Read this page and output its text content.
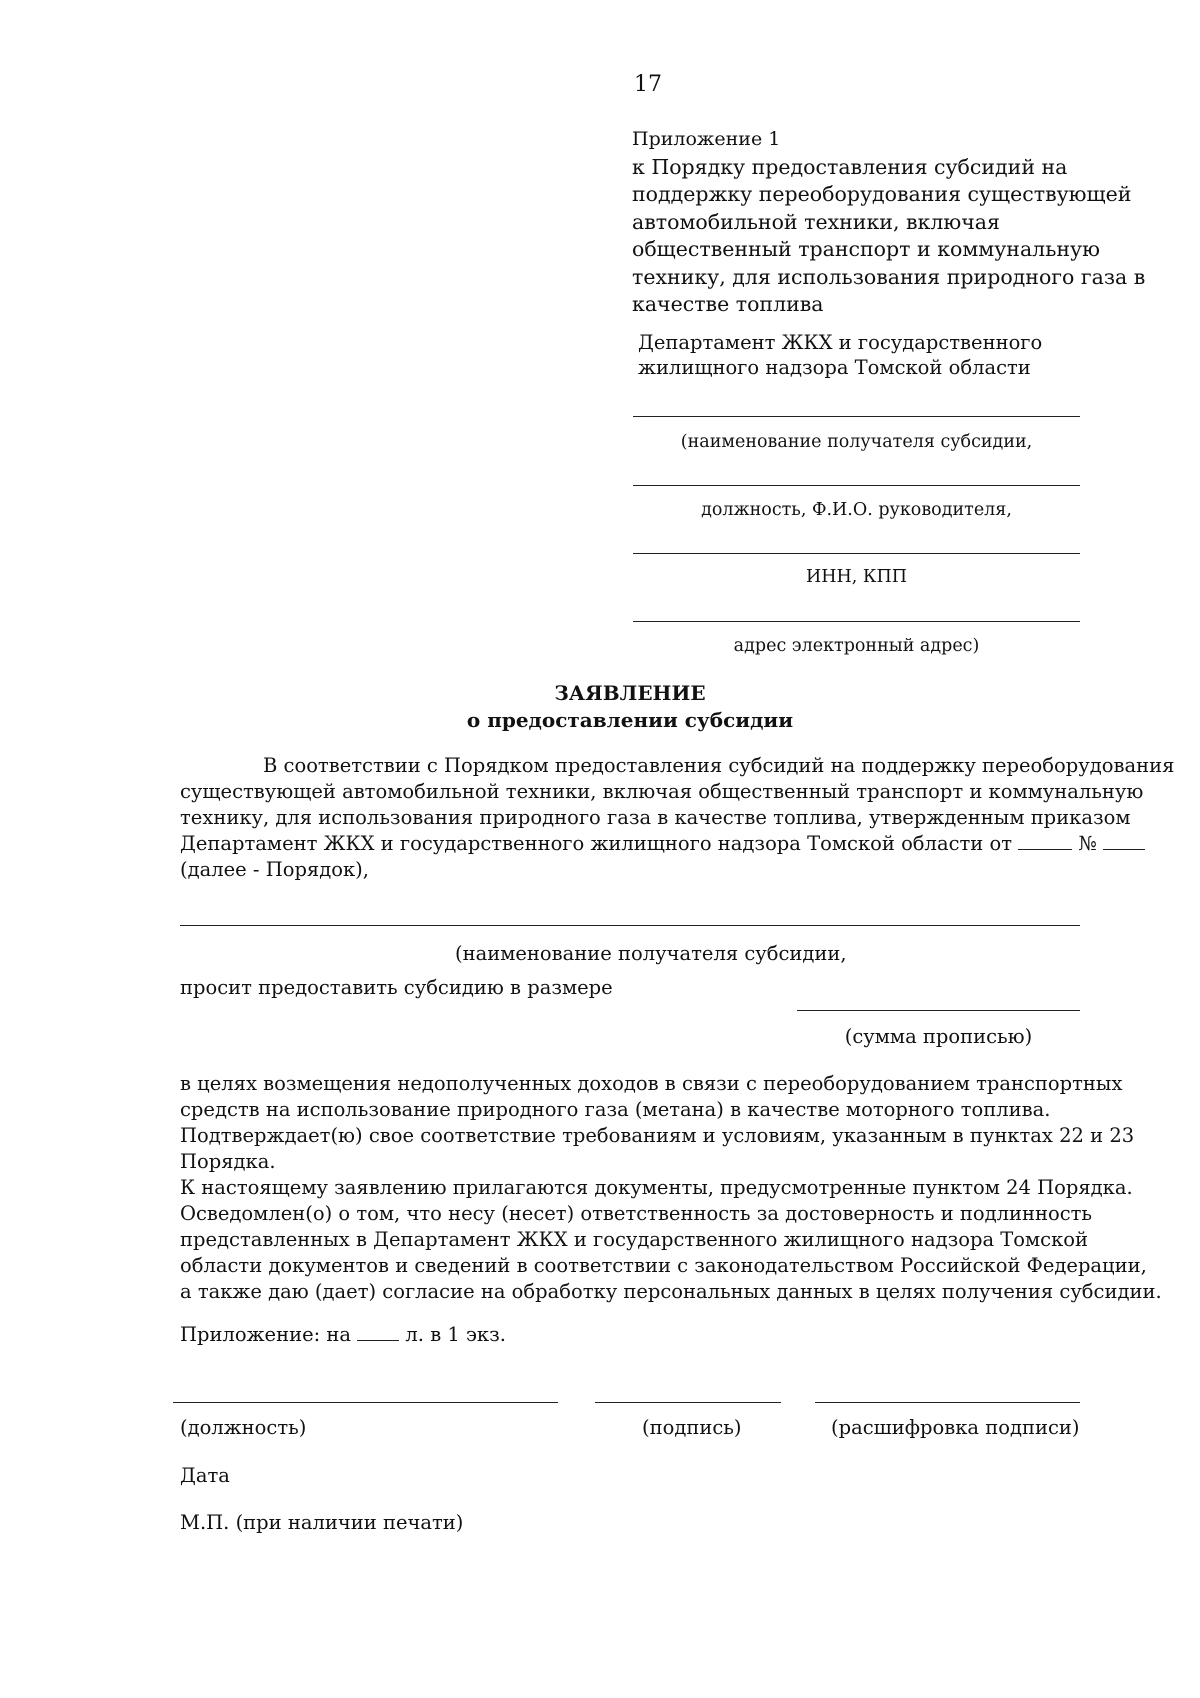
17
Приложение 1
к Порядку предоставления субсидий на
поддержку переоборудования существующей
автомобильной техники, включая
общественный транспорт и коммунальную
технику, для использования природного газа в
качестве топлива
Департамент ЖКХ и государственного
жилищного надзора Томской области
(наименование получателя субсидии,
должность, Ф.И.О. руководителя,
ИНН, КПП
адрес электронный адрес)
ЗАЯВЛЕНИЕ
о предоставлении субсидии
В соответствии с Порядком предоставления субсидий на поддержку переоборудования
существующей автомобильной техники, включая общественный транспорт и коммунальную
технику, для использования природного газа в качестве топлива, утвержденным приказом
Департамент ЖКХ и государственного жилищного надзора Томской области от	№
(далее - Порядок),
(наименование получателя субсидии,
просит предоставить субсидию в размере
(сумма прописью)
в целях возмещения недополученных доходов в связи с переоборудованием транспортных
средств на использование природного газа (метана) в качестве моторного топлива.
Подтверждает(ю) свое соответствие требованиям и условиям, указанным в пунктах 22 и 23
Порядка.
К настоящему заявлению прилагаются документы, предусмотренные пунктом 24 Порядка.
Осведомлен(о) о том, что несу (несет) ответственность за достоверность и подлинность
представленных в Департамент ЖКХ и государственного жилищного надзора Томской
области документов и сведений в соответствии с законодательством Российской Федерации,
а также даю (дает) согласие на обработку персональных данных в целях получения субсидии.
Приложение: на	л. в 1 экз.
(должность)	(подпись)	(расшифровка подписи)
Дата
М.П. (при наличии печати)
